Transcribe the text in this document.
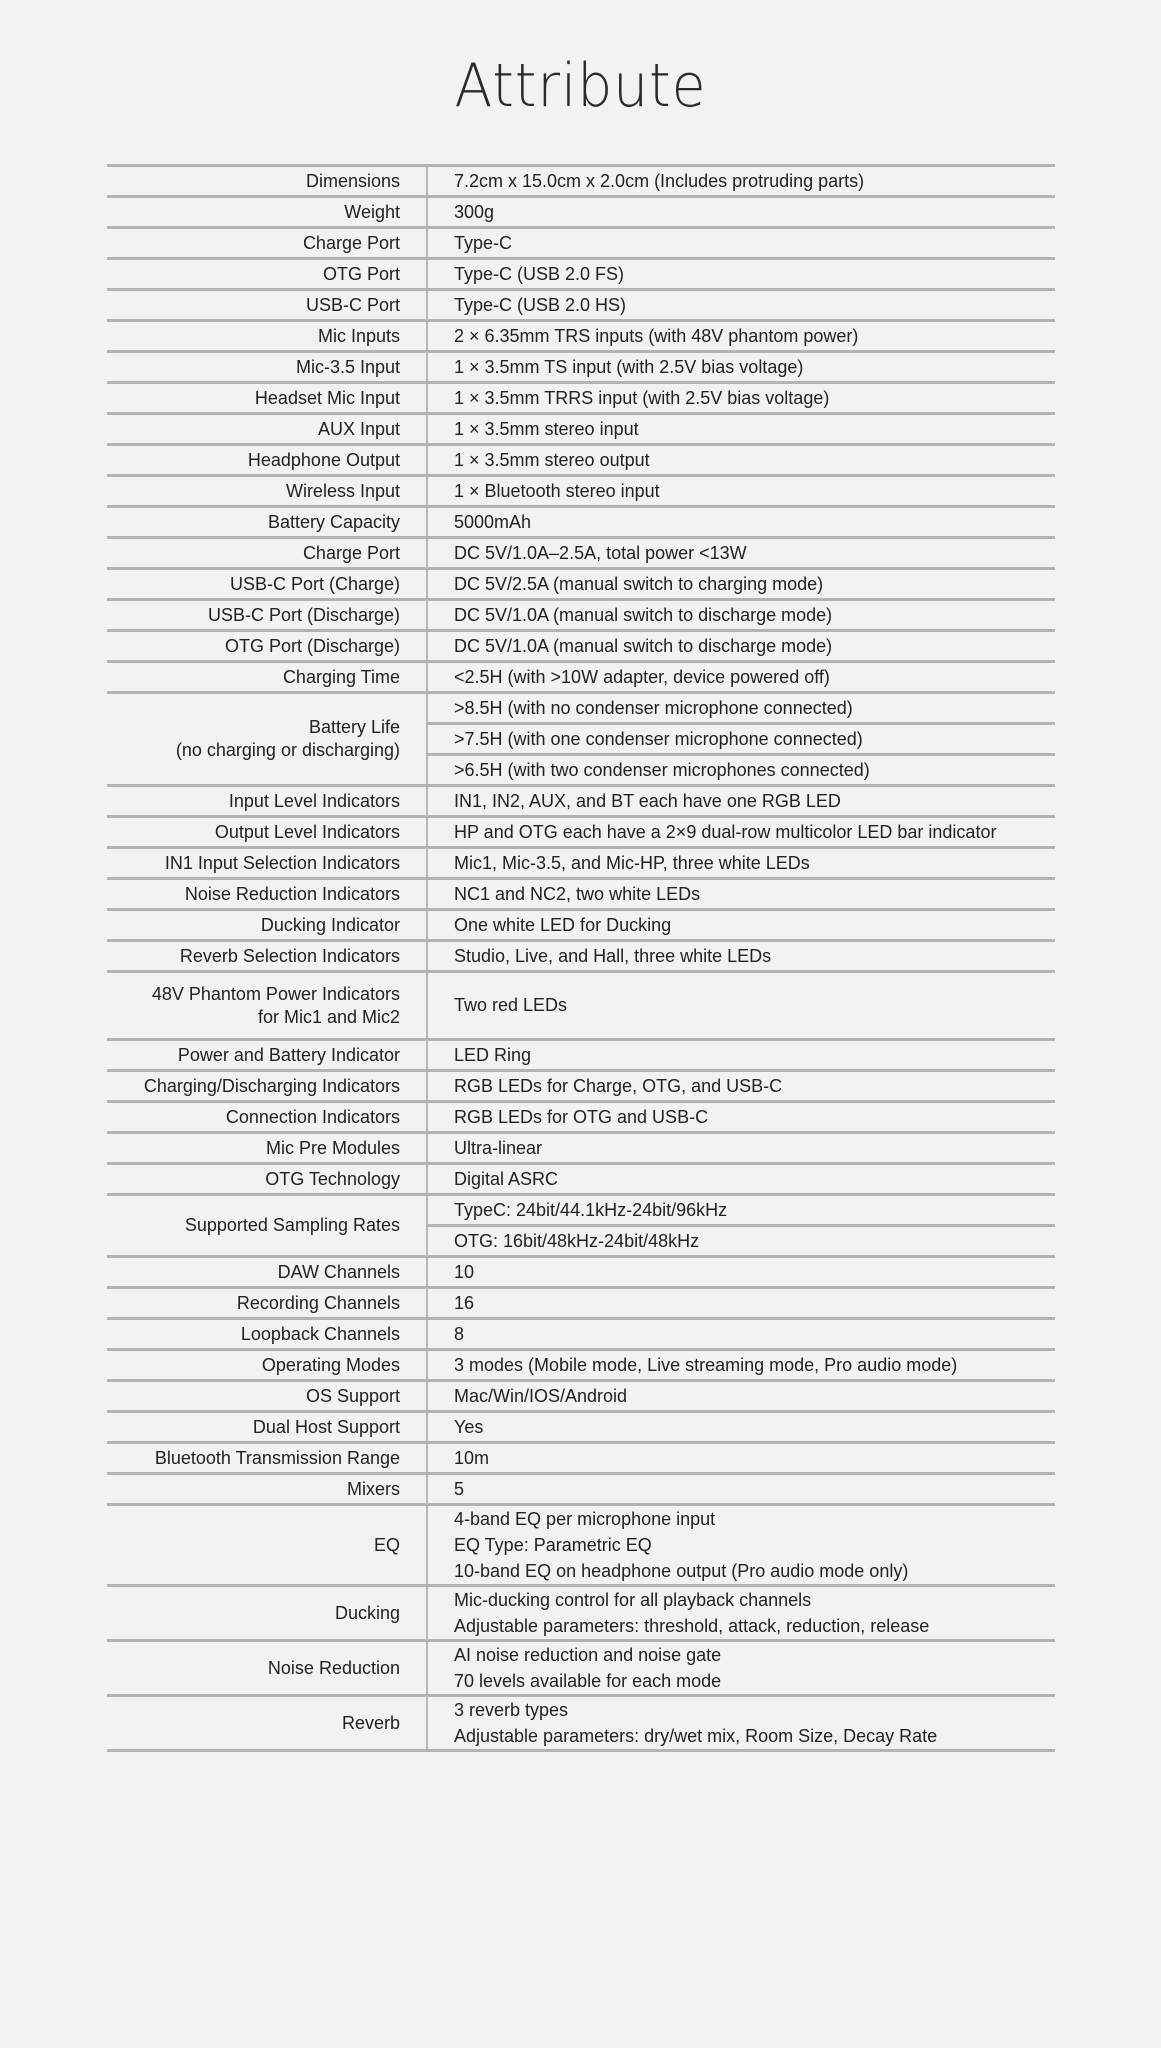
Attribute
Dimensions	7.2cm x 15.0cm x 2.0cm (Includes protruding parts)

Weight	300g

Charge Port	Type-C

OTG Port	Type-C (USB 2.0 FS)

USB-C Port	Type-C (USB 2.0 HS)

Mic Inputs	2 × 6.35mm TRS inputs (with 48V phantom power)

Mic-3.5 Input	1 × 3.5mm TS input (with 2.5V bias voltage)

Headset Mic Input	1 × 3.5mm TRRS input (with 2.5V bias voltage)

AUX Input	1 × 3.5mm stereo input

Headphone Output	1 × 3.5mm stereo output

Wireless Input	1 × Bluetooth stereo input

Battery Capacity	5000mAh

Charge Port	DC 5V/1.0A–2.5A, total power <13W

USB-C Port (Charge)	DC 5V/2.5A (manual switch to charging mode)

USB-C Port (Discharge)	DC 5V/1.0A (manual switch to discharge mode)

OTG Port (Discharge)	DC 5V/1.0A (manual switch to discharge mode)

Charging Time	<2.5H (with >10W adapter, device powered off)

Battery Life
(no charging or discharging)	>8.5H (with no condenser microphone connected)

	>7.5H (with one condenser microphone connected)

	>6.5H (with two condenser microphones connected)

Input Level Indicators	IN1, IN2, AUX, and BT each have one RGB LED

Output Level Indicators	HP and OTG each have a 2×9 dual-row multicolor LED bar indicator

IN1 Input Selection Indicators	Mic1, Mic-3.5, and Mic-HP, three white LEDs

Noise Reduction Indicators	NC1 and NC2, two white LEDs

Ducking Indicator	One white LED for Ducking

Reverb Selection Indicators	Studio, Live, and Hall, three white LEDs

48V Phantom Power Indicators
for Mic1 and Mic2	Two red LEDs

Power and Battery Indicator	LED Ring

Charging/Discharging Indicators	RGB LEDs for Charge, OTG, and USB-C

Connection Indicators	RGB LEDs for OTG and USB-C

Mic Pre Modules	Ultra-linear

OTG Technology	Digital ASRC

Supported Sampling Rates	TypeC: 24bit/44.1kHz-24bit/96kHz

	OTG: 16bit/48kHz-24bit/48kHz

DAW Channels	10

Recording Channels	16

Loopback Channels	8

Operating Modes	3 modes (Mobile mode, Live streaming mode, Pro audio mode)

OS Support	Mac/Win/IOS/Android

Dual Host Support	Yes

Bluetooth Transmission Range	10m

Mixers	5

EQ	4-band EQ per microphone input
EQ Type: Parametric EQ
10-band EQ on headphone output (Pro audio mode only)

Ducking	Mic-ducking control for all playback channels
Adjustable parameters: threshold, attack, reduction, release

Noise Reduction	AI noise reduction and noise gate
70 levels available for each mode

Reverb	3 reverb types
Adjustable parameters: dry/wet mix, Room Size, Decay Rate
